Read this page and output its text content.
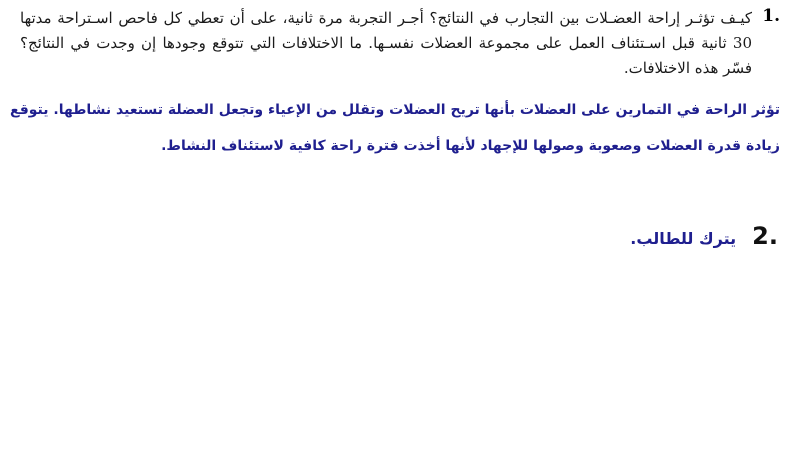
1.
كيـف تؤثـر إراحة العضـلات بين التجارب في النتائج؟ أجـر التجربة مرة ثانية، على أن تعطي كل فاحص اسـتراحة مدتها 30 ثانية قبل اسـتئناف العمل على مجموعة العضلات نفسـها. ما الاختلافات التي تتوقع وجودها إن وجدت في النتائج؟ فسّر هذه الاختلافات.
تؤثر الراحة في التمارين على العضلات بأنها تريح العضلات وتقلل من الإعياء وتجعل العضلة تستعيد نشاطها. يتوقع زيادة قدرة العضلات وصعوبة وصولها للإجهاد لأنها أخذت فترة راحة كافية لاستئناف النشاط.
2.
يترك للطالب.
